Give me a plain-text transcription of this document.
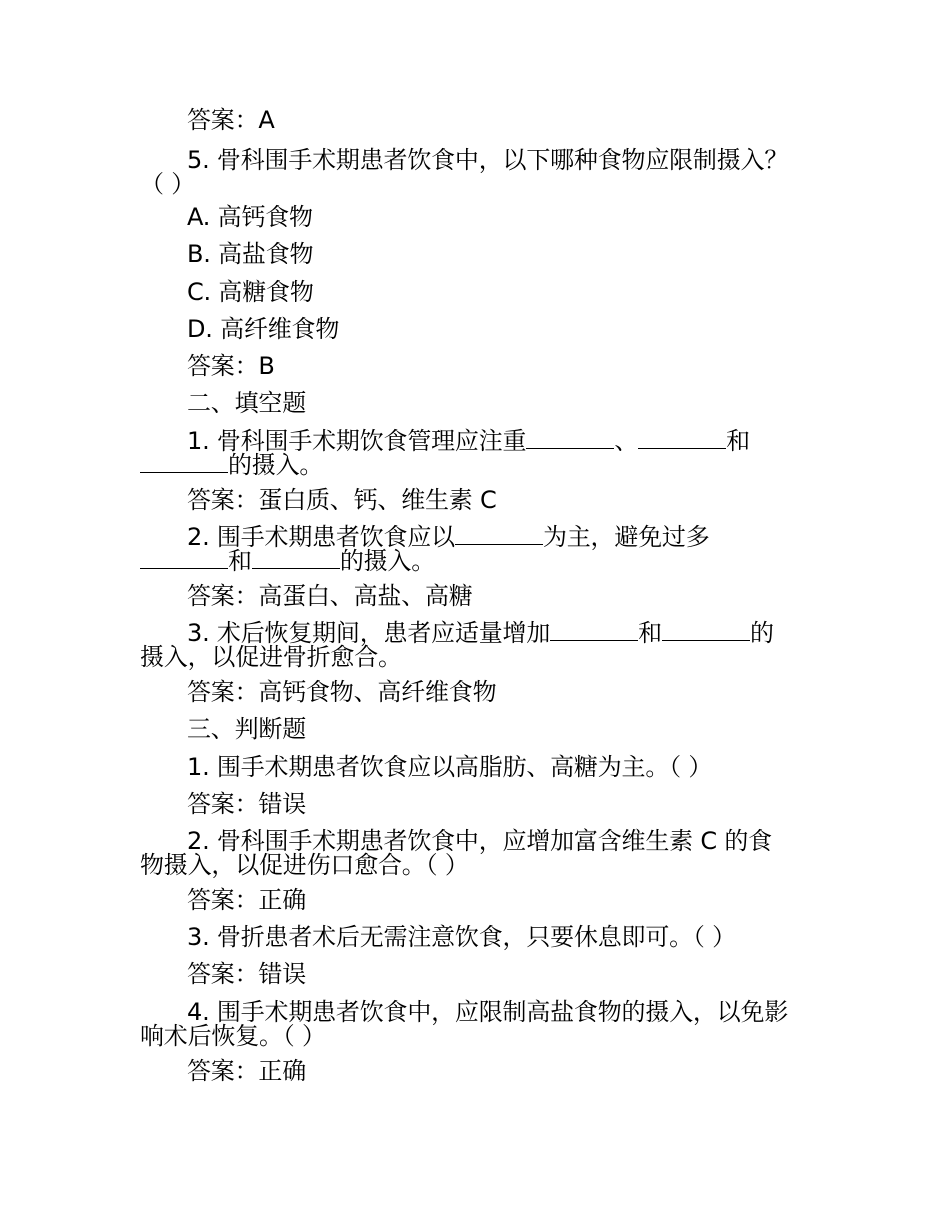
答案：A
5. 骨科围手术期患者饮食中，以下哪种食物应限制摄入？
（ ）
A. 高钙食物
B. 高盐食物
C. 高糖食物
D. 高纤维食物
答案：B
二、填空题
1. 骨科围手术期饮食管理应注重	、	和
的摄入。
答案：蛋白质、钙、维生素 C
2. 围手术期患者饮食应以	为主，避免过多
和	的摄入。
答案：高蛋白、高盐、高糖
3. 术后恢复期间，患者应适量增加	和	的
摄入，以促进骨折愈合。
答案：高钙食物、高纤维食物
三、判断题
1. 围手术期患者饮食应以高脂肪、高糖为主。（ ）
答案：错误
2. 骨科围手术期患者饮食中，应增加富含维生素 C 的食
物摄入，以促进伤口愈合。（ ）
答案：正确
3. 骨折患者术后无需注意饮食，只要休息即可。（ ）
答案：错误
4. 围手术期患者饮食中，应限制高盐食物的摄入，以免影
响术后恢复。（ ）
答案：正确
